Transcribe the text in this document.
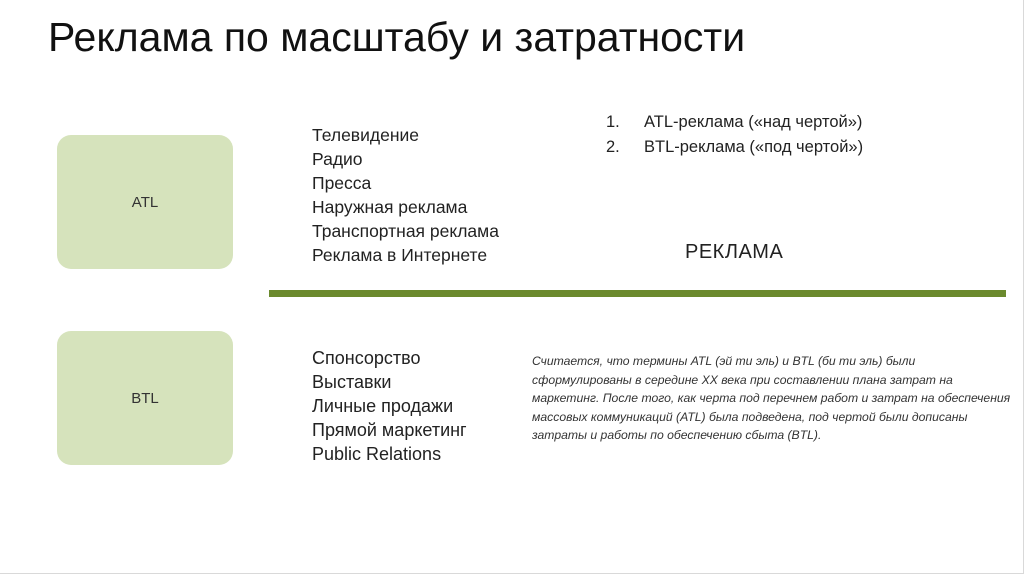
Реклама по масштабу и затратности
ATL
Телевидение
Радио
Пресса
Наружная реклама
Транспортная реклама
Реклама в Интернете
1. ATL-реклама («над чертой»)
2. BTL-реклама («под чертой»)
РЕКЛАМА
BTL
Спонсорство
Выставки
Личные продажи
Прямой маркетинг
Public Relations
Считается, что термины ATL (эй ти эль) и BTL (би ти эль) были сформулированы в середине XX века при составлении плана затрат на маркетинг. После того, как черта под перечнем работ и затрат на обеспечения массовых коммуникаций (ATL) была подведена, под чертой были дописаны затраты и работы по обеспечению сбыта (BTL).
